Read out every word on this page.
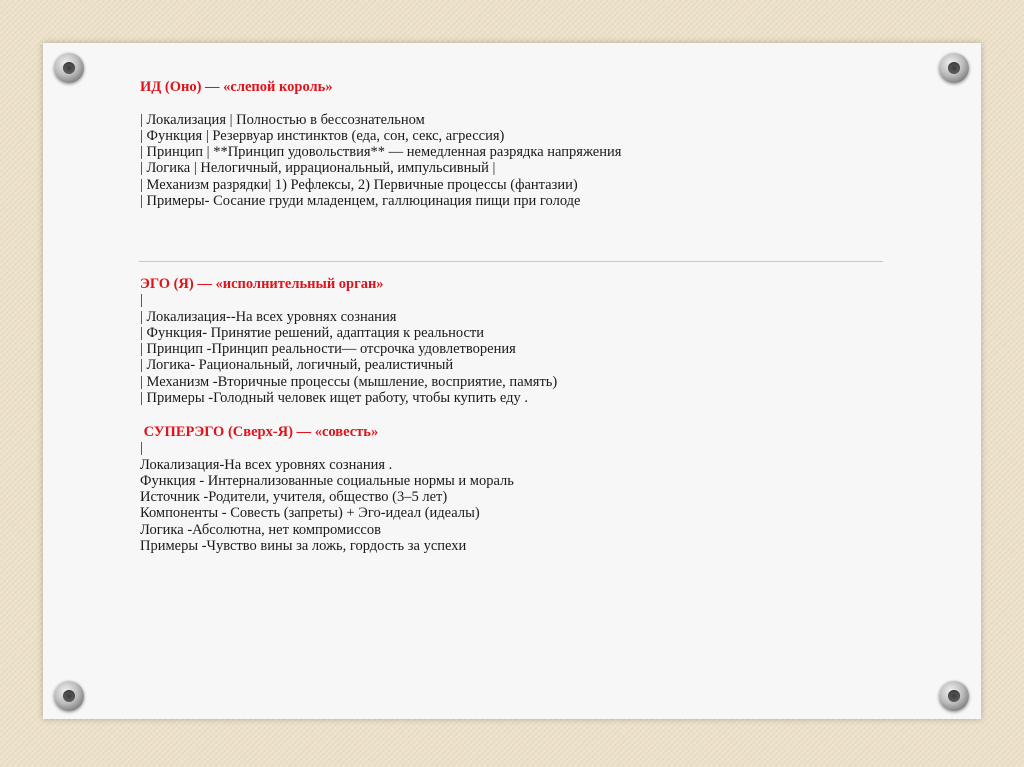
ИД (Оно) — «слепой король»
| Локализация | Полностью в бессознательном
| Функция | Резервуар инстинктов (еда, сон, секс, агрессия)
| Принцип | **Принцип удовольствия** — немедленная разрядка напряжения
| Логика | Нелогичный, иррациональный, импульсивный |
| Механизм разрядки| 1) Рефлексы, 2) Первичные процессы (фантазии)
| Примеры- Сосание груди младенцем, галлюцинация пищи при голоде
ЭГО (Я) — «исполнительный орган»
|
| Локализация--На всех уровнях сознания
| Функция- Принятие решений, адаптация к реальности
| Принцип -Принцип реальности— отсрочка удовлетворения
| Логика- Рациональный, логичный, реалистичный
| Механизм -Вторичные процессы (мышление, восприятие, память)
| Примеры -Голодный человек ищет работу, чтобы купить еду .
СУПЕРЭГО (Сверх-Я) — «совесть»
|
Локализация-На всех уровнях сознания .
Функция - Интернализованные социальные нормы и мораль
Источник -Родители, учителя, общество (3–5 лет)
Компоненты - Совесть (запреты) + Эго-идеал (идеалы)
Логика -Абсолютна, нет компромиссов
Примеры -Чувство вины за ложь, гордость за успехи
